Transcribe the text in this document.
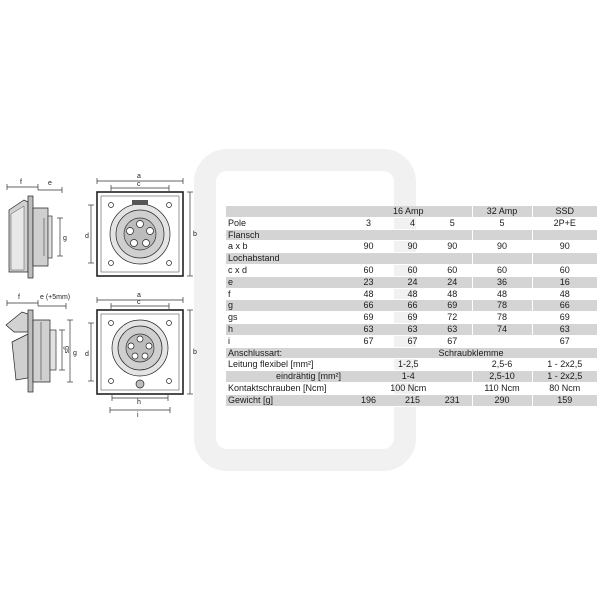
f	e
g
a
c
d	b
f	e (+5mm)
gs
g
a
c
d	b
h
i
	16 Amp			32 Amp	SSD
Pole	3	4	5	5	2P+E
Flansch					
a x b	90	90	90	90	90
Lochabstand					
c x d	60	60	60	60	60
e	23	24	24	36	16
f	48	48	48	48	48
g	66	66	69	78	66
gs	69	69	72	78	69
h	63	63	63	74	63
i	67	67	67		67
Anschlussart:	Schraubklemme				
Leitung flexibel [mm²]	1-2,5			2,5-6	1 - 2x2,5
eindrähtig [mm²]	1-4			2,5-10	1 - 2x2,5
Kontaktschrauben [Ncm]	100 Ncm			110 Ncm	80 Ncm
Gewicht [g]	196	215	231	290	159
